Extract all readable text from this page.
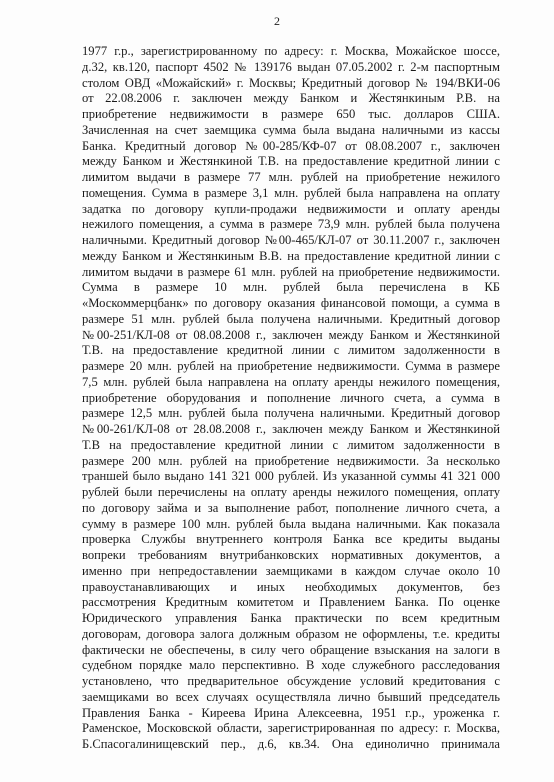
2
1977 г.р., зарегистрированному по адресу: г. Москва, Можайское шоссе,
д.32, кв.120, паспорт 4502 № 139176 выдан 07.05.2002 г. 2-м паспортным
столом ОВД «Можайский» г. Москвы; Кредитный договор № 194/ВКИ-06
от 22.08.2006 г. заключен между Банком и Жестянкиным Р.В. на
приобретение недвижимости в размере 650 тыс. долларов США.
Зачисленная на счет заемщика сумма была выдана наличными из кассы
Банка. Кредитный договор №00-285/КФ-07 от 08.08.2007 г., заключен
между Банком и Жестянкиной Т.В. на предоставление кредитной линии с
лимитом выдачи в размере 77 млн. рублей на приобретение нежилого
помещения. Сумма в размере 3,1 млн. рублей была направлена на оплату
задатка по договору купли-продажи недвижимости и оплату аренды
нежилого помещения, а сумма в размере 73,9 млн. рублей была получена
наличными. Кредитный договор №00-465/КЛ-07 от 30.11.2007 г., заключен
между Банком и Жестянкиным В.В. на предоставление кредитной линии с
лимитом выдачи в размере 61 млн. рублей на приобретение недвижимости.
Сумма в размере 10 млн. рублей была перечислена в КБ
«Москоммерцбанк» по договору оказания финансовой помощи, а сумма в
размере 51 млн. рублей была получена наличными. Кредитный договор
№00-251/КЛ-08 от 08.08.2008 г., заключен между Банком и Жестянкиной
Т.В. на предоставление кредитной линии с лимитом задолженности в
размере 20 млн. рублей на приобретение недвижимости. Сумма в размере
7,5 млн. рублей была направлена на оплату аренды нежилого помещения,
приобретение оборудования и пополнение личного счета, а сумма в
размере 12,5 млн. рублей была получена наличными. Кредитный договор
№00-261/КЛ-08 от 28.08.2008 г., заключен между Банком и Жестянкиной
Т.В на предоставление кредитной линии с лимитом задолженности в
размере 200 млн. рублей на приобретение недвижимости. За несколько
траншей было выдано 141 321 000 рублей. Из указанной суммы 41 321 000
рублей были перечислены на оплату аренды нежилого помещения, оплату
по договору займа и за выполнение работ, пополнение личного счета, а
сумму в размере 100 млн. рублей была выдана наличными. Как показала
проверка Службы внутреннего контроля Банка все кредиты выданы
вопреки требованиям внутрибанковских нормативных документов, а
именно при непредоставлении заемщиками в каждом случае около 10
правоустанавливающих и иных необходимых документов, без
рассмотрения Кредитным комитетом и Правлением Банка. По оценке
Юридического управления Банка практически по всем кредитным
договорам, договора залога должным образом не оформлены, т.е. кредиты
фактически не обеспечены, в силу чего обращение взыскания на залоги в
судебном порядке мало перспективно. В ходе служебного расследования
установлено, что предварительное обсуждение условий кредитования с
заемщиками во всех случаях осуществляла лично бывший председатель
Правления Банка - Киреева Ирина Алексеевна, 1951 г.р., уроженка г.
Раменское, Московской области, зарегистрированная по адресу: г. Москва,
Б.Спасогалинищевский пер., д.6, кв.34. Она единолично принимала
